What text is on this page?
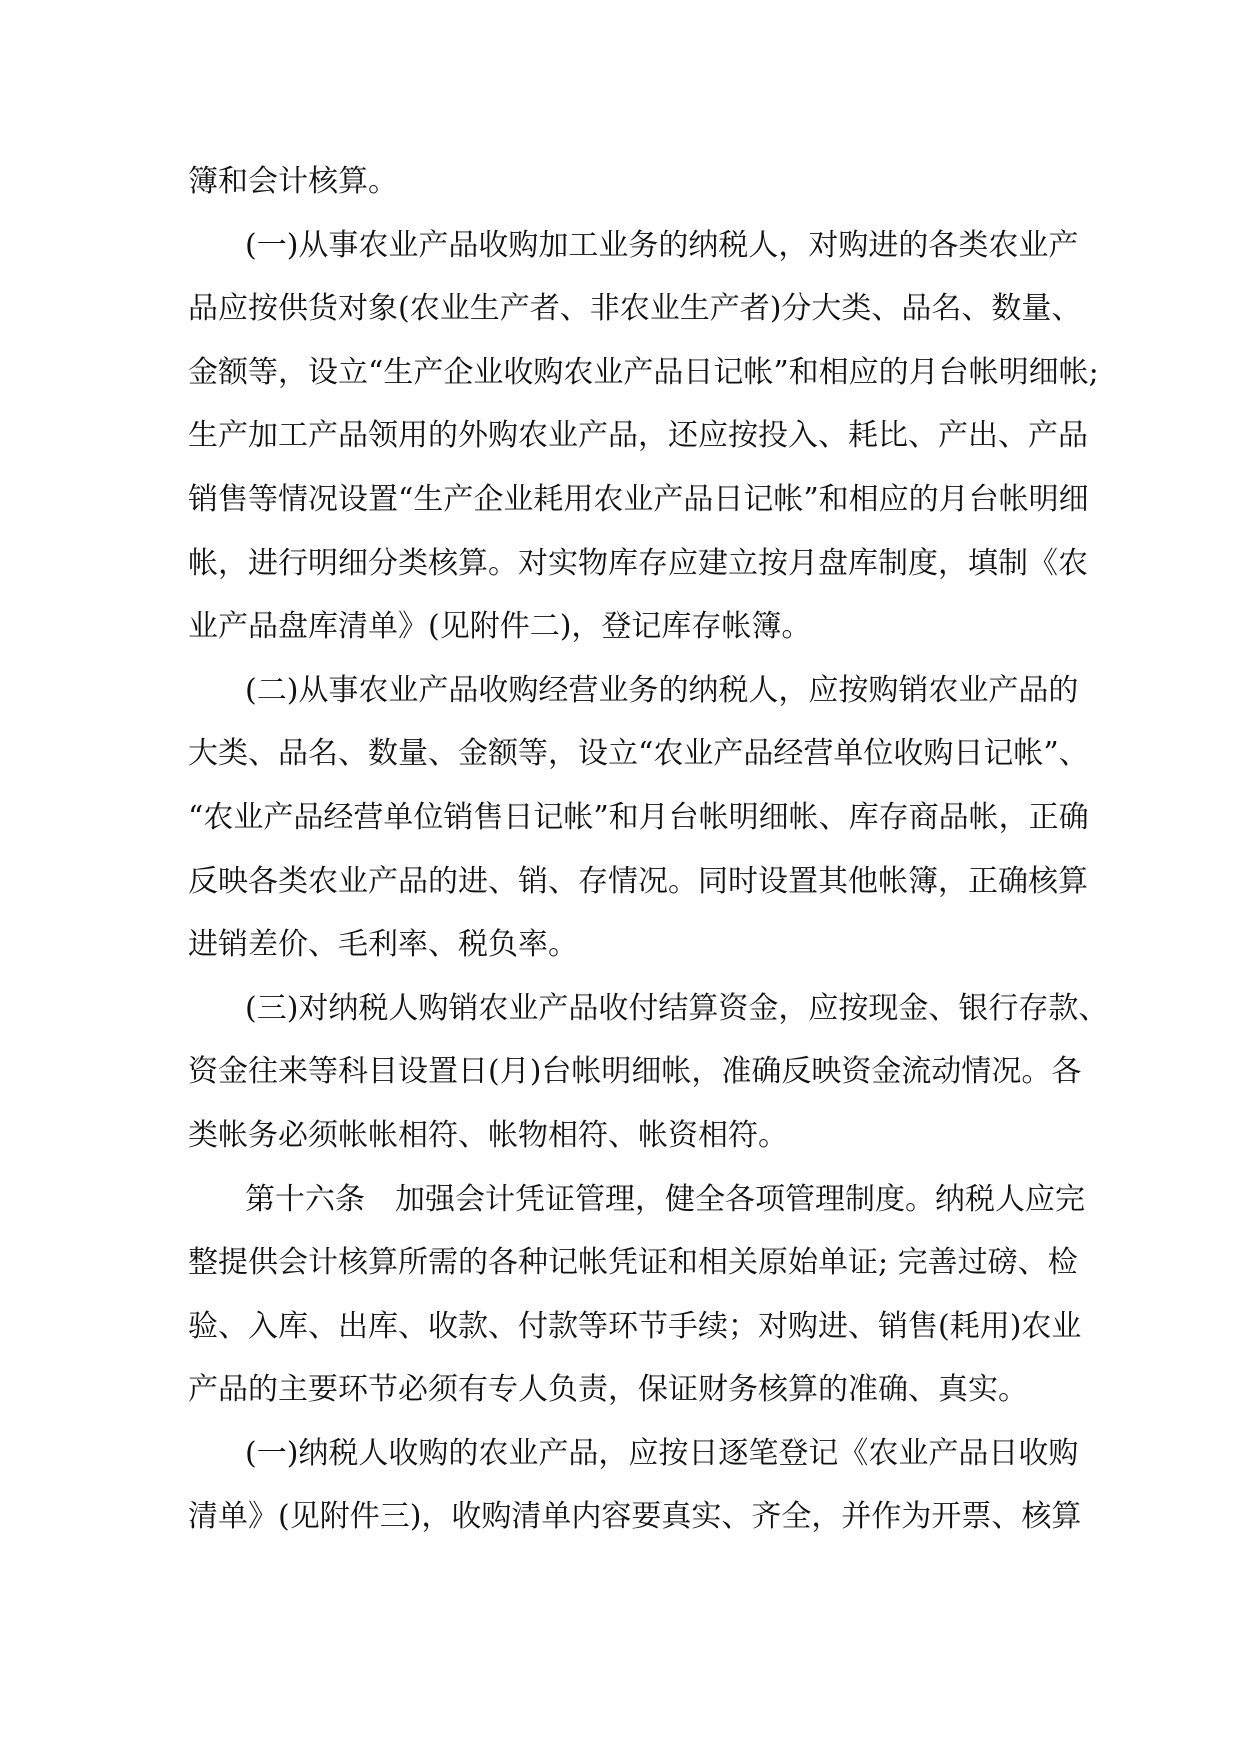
簿和会计核算。
(一)从事农业产品收购加工业务的纳税人，对购进的各类农业产
品应按供货对象(农业生产者、非农业生产者)分大类、品名、数量、
金额等，设立“生产企业收购农业产品日记帐”和相应的月台帐明细帐;
生产加工产品领用的外购农业产品，还应按投入、耗比、产出、产品
销售等情况设置“生产企业耗用农业产品日记帐”和相应的月台帐明细
帐，进行明细分类核算。对实物库存应建立按月盘库制度，填制《农
业产品盘库清单》(见附件二)，登记库存帐簿。
(二)从事农业产品收购经营业务的纳税人，应按购销农业产品的
大类、品名、数量、金额等，设立“农业产品经营单位收购日记帐”、
“农业产品经营单位销售日记帐”和月台帐明细帐、库存商品帐，正确
反映各类农业产品的进、销、存情况。同时设置其他帐簿，正确核算
进销差价、毛利率、税负率。
(三)对纳税人购销农业产品收付结算资金，应按现金、银行存款、
资金往来等科目设置日(月)台帐明细帐，准确反映资金流动情况。各
类帐务必须帐帐相符、帐物相符、帐资相符。
第十六条　加强会计凭证管理，健全各项管理制度。纳税人应完
整提供会计核算所需的各种记帐凭证和相关原始单证; 完善过磅、检
验、入库、出库、收款、付款等环节手续；对购进、销售(耗用)农业
产品的主要环节必须有专人负责，保证财务核算的准确、真实。
(一)纳税人收购的农业产品，应按日逐笔登记《农业产品日收购
清单》(见附件三)，收购清单内容要真实、齐全，并作为开票、核算
